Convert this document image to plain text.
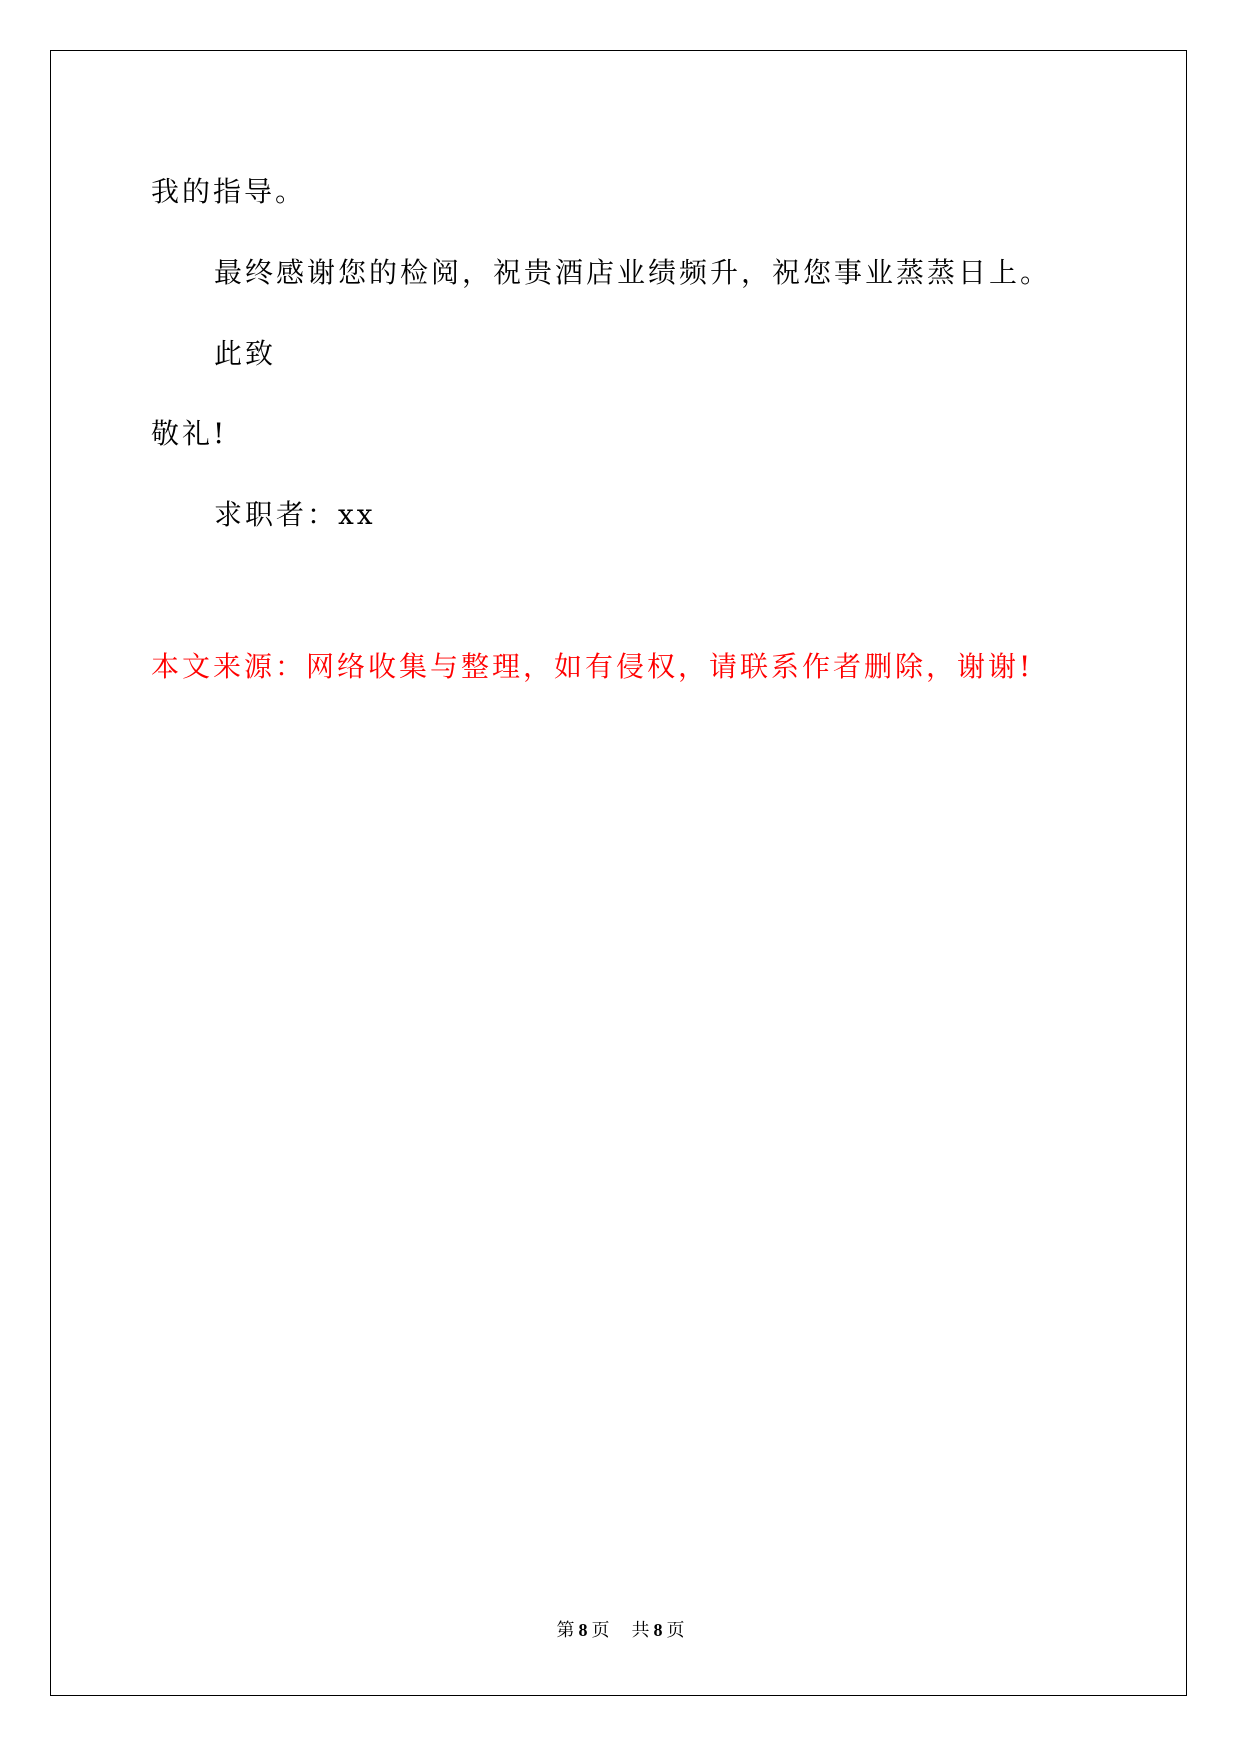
我的指导。
最终感谢您的检阅，祝贵酒店业绩频升，祝您事业蒸蒸日上。
此致
敬礼!
求职者：xx
本文来源：网络收集与整理，如有侵权，请联系作者删除，谢谢!
第 8 页 共 8 页
